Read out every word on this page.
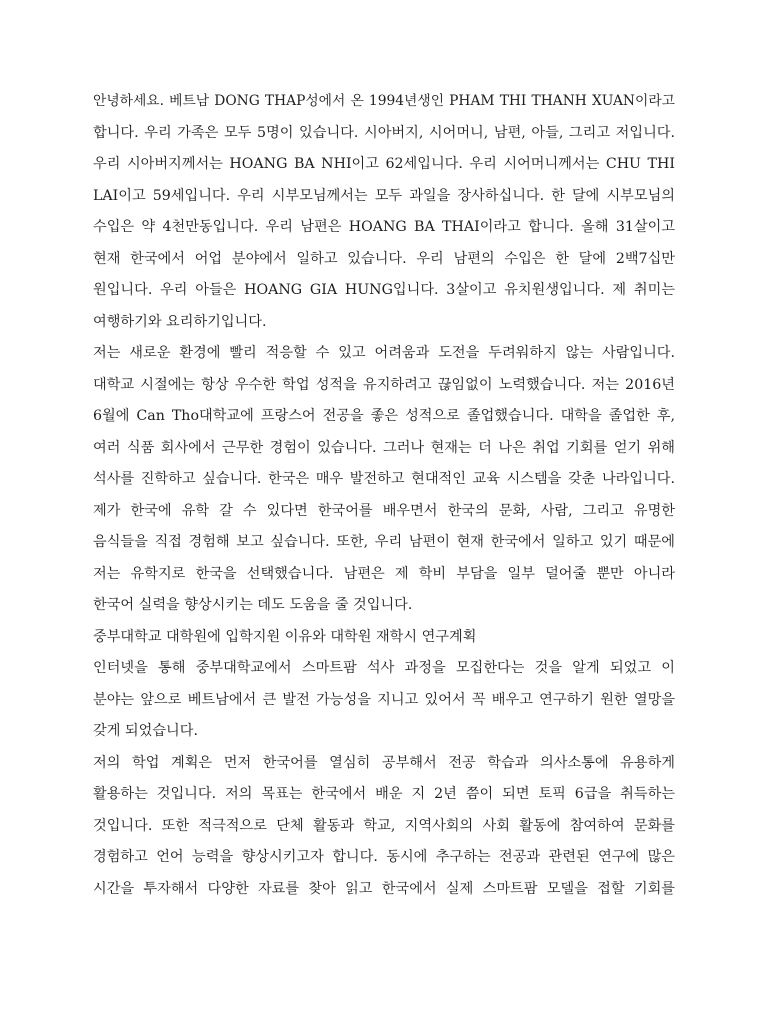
안녕하세요. 베트남 DONG THAP성에서 온 1994년생인 PHAM THI THANH XUAN이라고
합니다. 우리 가족은 모두 5명이 있습니다. 시아버지, 시어머니, 남편, 아들, 그리고 저입니다.
우리 시아버지께서는 HOANG BA NHI이고 62세입니다. 우리 시어머니께서는 CHU THI
LAI이고 59세입니다. 우리 시부모님께서는 모두 과일을 장사하십니다. 한 달에 시부모님의
수입은 약 4천만동입니다. 우리 남편은 HOANG BA THAI이라고 합니다. 올해 31살이고
현재 한국에서 어업 분야에서 일하고 있습니다. 우리 남편의 수입은 한 달에 2백7십만
원입니다. 우리 아들은 HOANG GIA HUNG입니다. 3살이고 유치원생입니다. 제 취미는
여행하기와 요리하기입니다.
저는 새로운 환경에 빨리 적응할 수 있고 어려움과 도전을 두려워하지 않는 사람입니다.
대학교 시절에는 항상 우수한 학업 성적을 유지하려고 끊임없이 노력했습니다. 저는 2016년
6월에 Can Tho대학교에 프랑스어 전공을 좋은 성적으로 졸업했습니다. 대학을 졸업한 후,
여러 식품 회사에서 근무한 경험이 있습니다. 그러나 현재는 더 나은 취업 기회를 얻기 위해
석사를 진학하고 싶습니다. 한국은 매우 발전하고 현대적인 교육 시스템을 갖춘 나라입니다.
제가 한국에 유학 갈 수 있다면 한국어를 배우면서 한국의 문화, 사람, 그리고 유명한
음식들을 직접 경험해 보고 싶습니다. 또한, 우리 남편이 현재 한국에서 일하고 있기 때문에
저는 유학지로 한국을 선택했습니다. 남편은 제 학비 부담을 일부 덜어줄 뿐만 아니라
한국어 실력을 향상시키는 데도 도움을 줄 것입니다.
중부대학교 대학원에 입학지원 이유와 대학원 재학시 연구계획
인터넷을 통해 중부대학교에서 스마트팜 석사 과정을 모집한다는 것을 알게 되었고 이
분야는 앞으로 베트남에서 큰 발전 가능성을 지니고 있어서 꼭 배우고 연구하기 원한 열망을
갖게 되었습니다.
저의 학업 계획은 먼저 한국어를 열심히 공부해서 전공 학습과 의사소통에 유용하게
활용하는 것입니다. 저의 목표는 한국에서 배운 지 2년 쯤이 되면 토픽 6급을 취득하는
것입니다. 또한 적극적으로 단체 활동과 학교, 지역사회의 사회 활동에 참여하여 문화를
경험하고 언어 능력을 향상시키고자 합니다. 동시에 추구하는 전공과 관련된 연구에 많은
시간을 투자해서 다양한 자료를 찾아 읽고 한국에서 실제 스마트팜 모델을 접할 기회를
